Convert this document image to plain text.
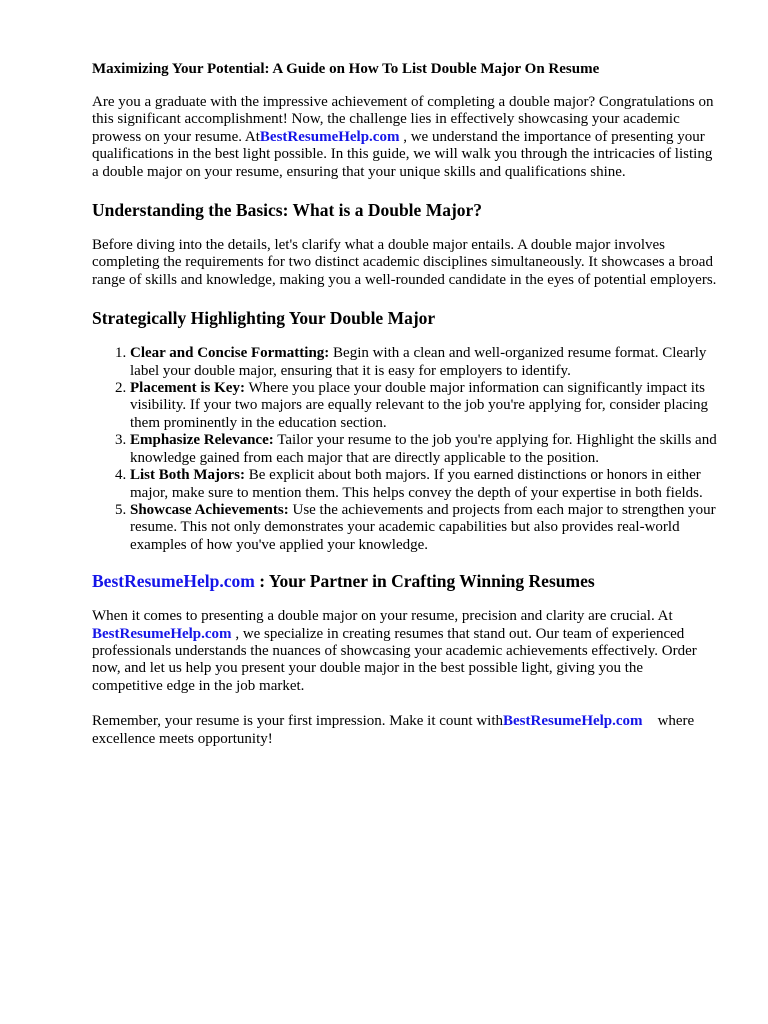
Maximizing Your Potential: A Guide on How To List Double Major On Resume

Are you a graduate with the impressive achievement of completing a double major? Congratulations on this significant accomplishment! Now, the challenge lies in effectively showcasing your academic prowess on your resume. AtBestResumeHelp.com , we understand the importance of presenting your qualifications in the best light possible. In this guide, we will walk you through the intricacies of listing a double major on your resume, ensuring that your unique skills and qualifications shine.

Understanding the Basics: What is a Double Major?

Before diving into the details, let's clarify what a double major entails. A double major involves completing the requirements for two distinct academic disciplines simultaneously. It showcases a broad range of skills and knowledge, making you a well-rounded candidate in the eyes of potential employers.

Strategically Highlighting Your Double Major
1. Clear and Concise Formatting: Begin with a clean and well-organized resume format. Clearly label your double major, ensuring that it is easy for employers to identify.
2. Placement is Key: Where you place your double major information can significantly impact its visibility. If your two majors are equally relevant to the job you're applying for, consider placing them prominently in the education section.
3. Emphasize Relevance: Tailor your resume to the job you're applying for. Highlight the skills and knowledge gained from each major that are directly applicable to the position.
4. List Both Majors: Be explicit about both majors. If you earned distinctions or honors in either major, make sure to mention them. This helps convey the depth of your expertise in both fields.
5. Showcase Achievements: Use the achievements and projects from each major to strengthen your resume. This not only demonstrates your academic capabilities but also provides real-world examples of how you've applied your knowledge.
BestResumeHelp.com : Your Partner in Crafting Winning Resumes

When it comes to presenting a double major on your resume, precision and clarity are crucial. At BestResumeHelp.com , we specialize in creating resumes that stand out. Our team of experienced professionals understands the nuances of showcasing your academic achievements effectively. Order now, and let us help you present your double major in the best possible light, giving you the competitive edge in the job market.

Remember, your resume is your first impression. Make it count withBestResumeHelp.com    where excellence meets opportunity!
